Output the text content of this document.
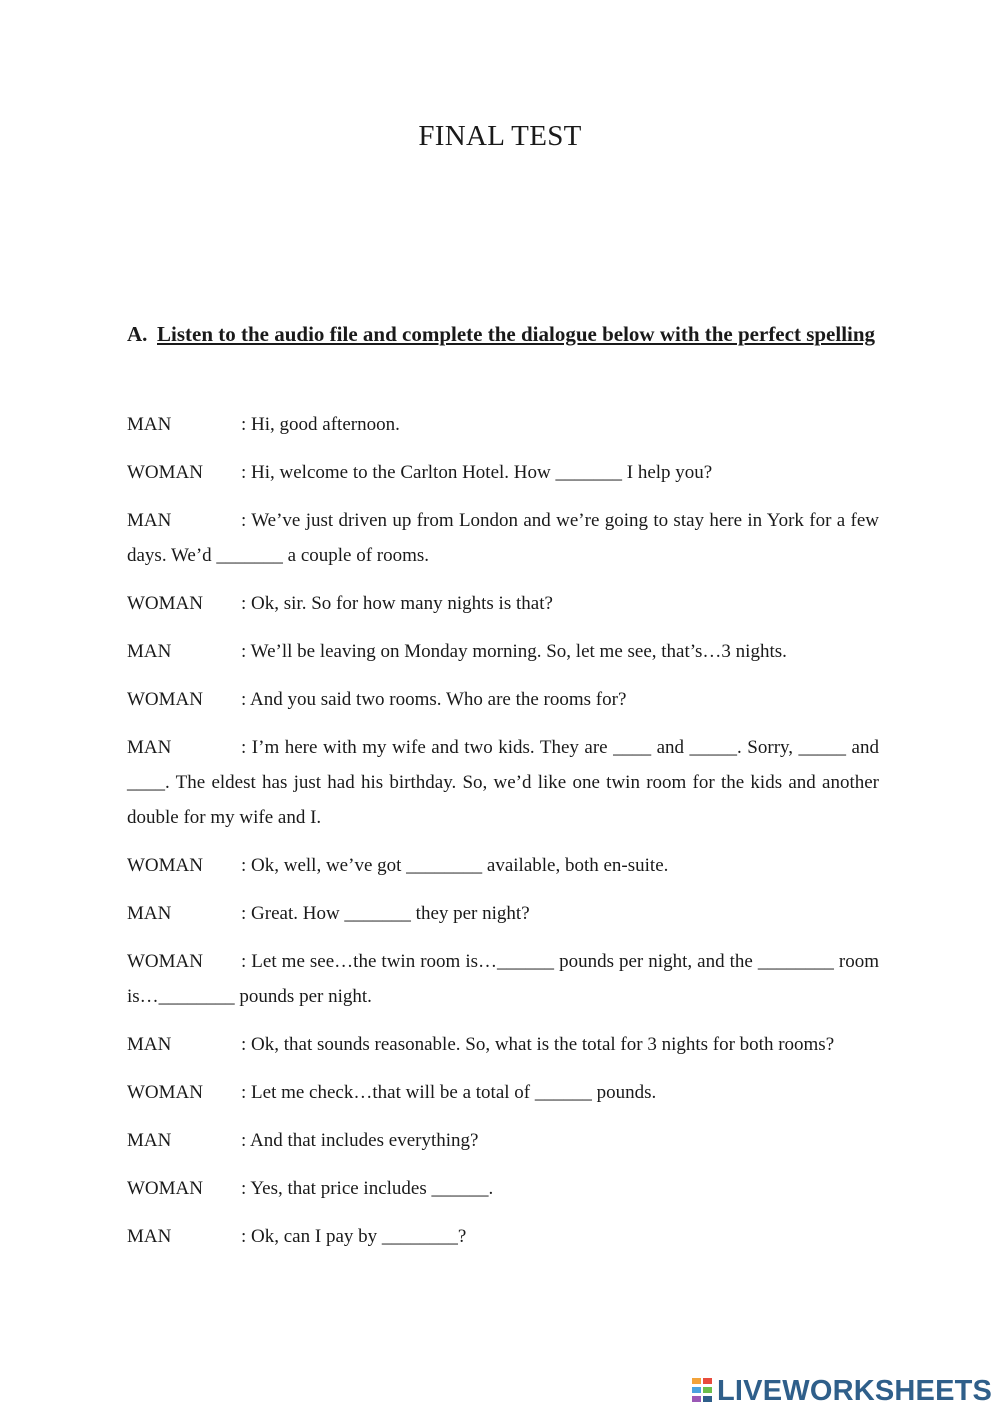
FINAL TEST
A. Listen to the audio file and complete the dialogue below with the perfect spelling

MAN	: Hi, good afternoon.

WOMAN : Hi, welcome to the Carlton Hotel. How _______ I help you?

MAN	: We’ve just driven up from London and we’re going to stay here in York for a few days. We’d _______ a couple of rooms.

WOMAN : Ok, sir. So for how many nights is that?

MAN	: We’ll be leaving on Monday morning. So, let me see, that’s…3 nights.

WOMAN : And you said two rooms. Who are the rooms for?

MAN	: I’m here with my wife and two kids. They are ____ and _____. Sorry, _____ and ____. The eldest has just had his birthday. So, we’d like one twin room for the kids and another double for my wife and I.

WOMAN : Ok, well, we’ve got ________ available, both en-suite.

MAN	: Great. How _______ they per night?

WOMAN : Let me see…the twin room is…______ pounds per night, and the ________ room is…________ pounds per night.

MAN	: Ok, that sounds reasonable. So, what is the total for 3 nights for both rooms?

WOMAN : Let me check…that will be a total of ______ pounds.

MAN	: And that includes everything?

WOMAN : Yes, that price includes ______.

MAN	: Ok, can I pay by ________?

LIVEWORKSHEETS
